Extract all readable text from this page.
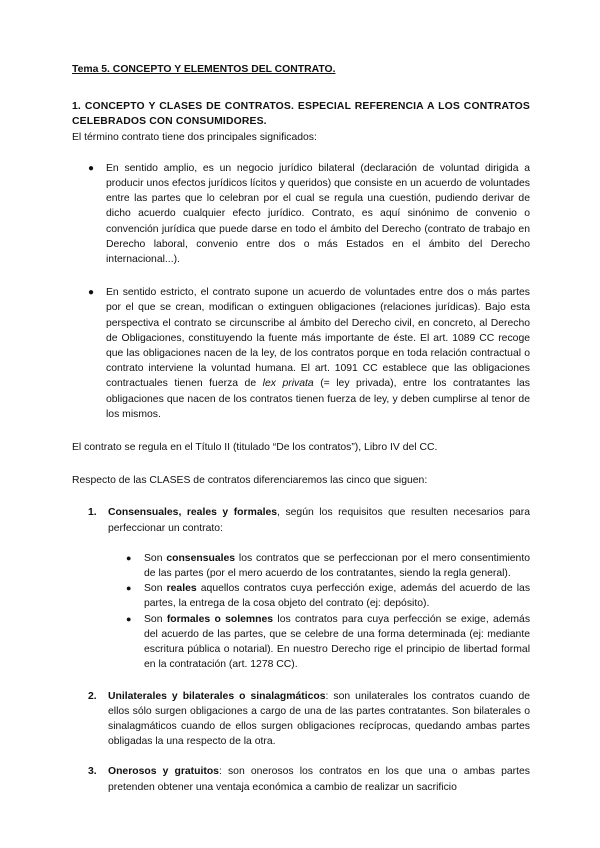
Tema 5. CONCEPTO Y ELEMENTOS DEL CONTRATO.

1. CONCEPTO Y CLASES DE CONTRATOS. ESPECIAL REFERENCIA A LOS CONTRATOS CELEBRADOS CON CONSUMIDORES.

El término contrato tiene dos principales significados:

● En sentido amplio, es un negocio jurídico bilateral (declaración de voluntad dirigida a producir unos efectos jurídicos lícitos y queridos) que consiste en un acuerdo de voluntades entre las partes que lo celebran por el cual se regula una cuestión, pudiendo derivar de dicho acuerdo cualquier efecto jurídico. Contrato, es aquí sinónimo de convenio o convención jurídica que puede darse en todo el ámbito del Derecho (contrato de trabajo en Derecho laboral, convenio entre dos o más Estados en el ámbito del Derecho internacional...).
● En sentido estricto, el contrato supone un acuerdo de voluntades entre dos o más partes por el que se crean, modifican o extinguen obligaciones (relaciones jurídicas). Bajo esta perspectiva el contrato se circunscribe al ámbito del Derecho civil, en concreto, al Derecho de Obligaciones, constituyendo la fuente más importante de éste. El art. 1089 CC recoge que las obligaciones nacen de la ley, de los contratos porque en toda relación contractual o contrato interviene la voluntad humana. El art. 1091 CC establece que las obligaciones contractuales tienen fuerza de lex privata (= ley privada), entre los contratantes las obligaciones que nacen de los contratos tienen fuerza de ley, y deben cumplirse al tenor de los mismos.

El contrato se regula en el Título II (titulado “De los contratos”), Libro IV del CC.

Respecto de las CLASES de contratos diferenciaremos las cinco que siguen:

1. Consensuales, reales y formales, según los requisitos que resulten necesarios para perfeccionar un contrato:
● Son consensuales los contratos que se perfeccionan por el mero consentimiento de las partes (por el mero acuerdo de los contratantes, siendo la regla general).
● Son reales aquellos contratos cuya perfección exige, además del acuerdo de las partes, la entrega de la cosa objeto del contrato (ej: depósito).
● Son formales o solemnes los contratos para cuya perfección se exige, además del acuerdo de las partes, que se celebre de una forma determinada (ej: mediante escritura pública o notarial). En nuestro Derecho rige el principio de libertad formal en la contratación (art. 1278 CC).
2. Unilaterales y bilaterales o sinalagmáticos: son unilaterales los contratos cuando de ellos sólo surgen obligaciones a cargo de una de las partes contratantes. Son bilaterales o sinalagmáticos cuando de ellos surgen obligaciones recíprocas, quedando ambas partes obligadas la una respecto de la otra.
3. Onerosos y gratuitos: son onerosos los contratos en los que una o ambas partes pretenden obtener una ventaja económica a cambio de realizar un sacrificio
